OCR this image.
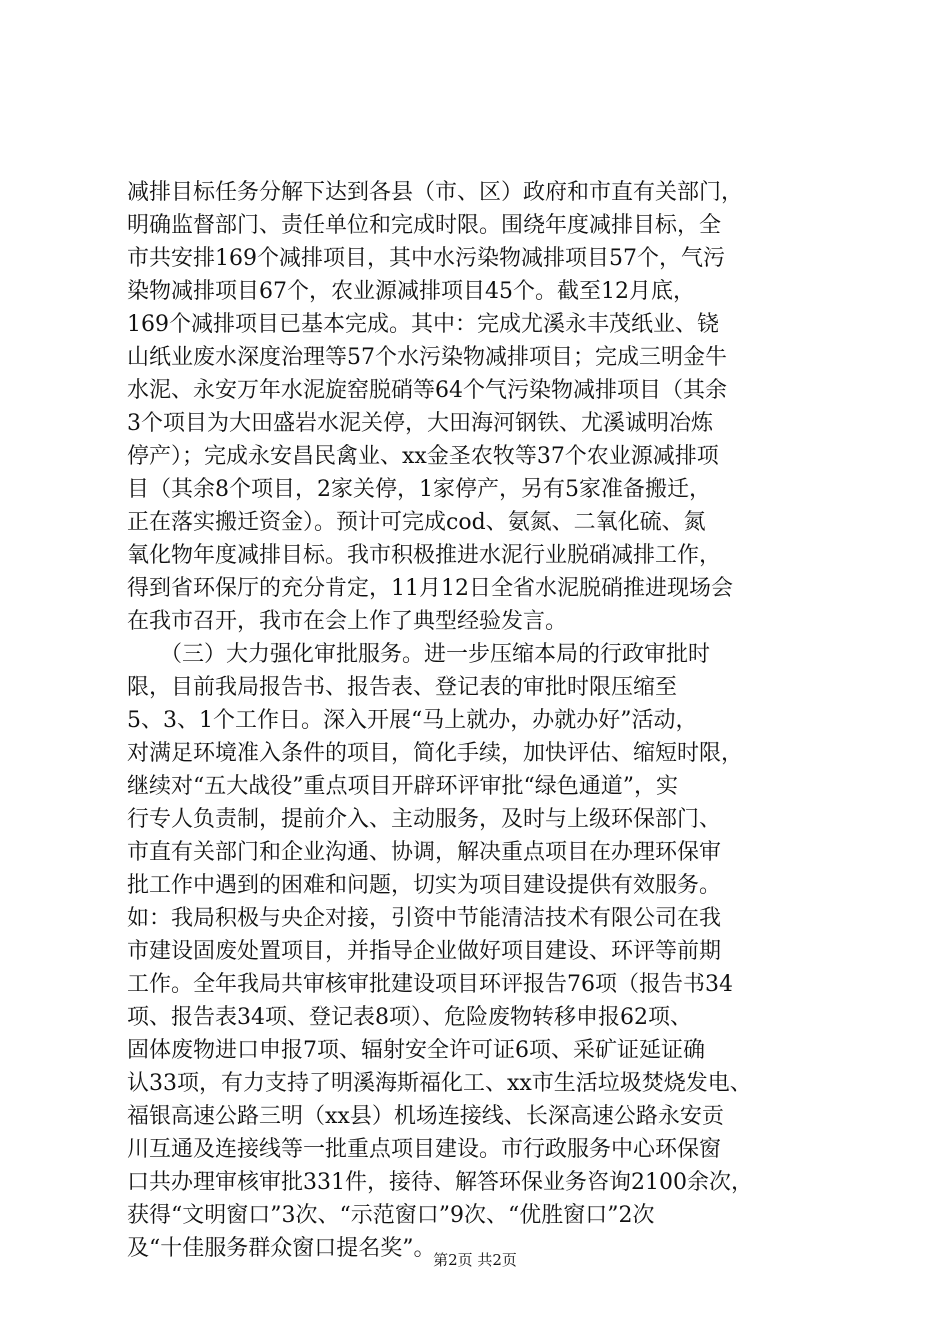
减排目标任务分解下达到各县（市、区）政府和市直有关部门，
明确监督部门、责任单位和完成时限。围绕年度减排目标，全
市共安排169个减排项目，其中水污染物减排项目57个，气污
染物减排项目67个，农业源减排项目45个。截至12月底，
169个减排项目已基本完成。其中：完成尤溪永丰茂纸业、铙
山纸业废水深度治理等57个水污染物减排项目；完成三明金牛
水泥、永安万年水泥旋窑脱硝等64个气污染物减排项目（其余
3个项目为大田盛岩水泥关停，大田海河钢铁、尤溪诚明冶炼
停产）；完成永安昌民禽业、xx金圣农牧等37个农业源减排项
目（其余8个项目，2家关停，1家停产，另有5家准备搬迁，
正在落实搬迁资金）。预计可完成cod、氨氮、二氧化硫、氮
氧化物年度减排目标。我市积极推进水泥行业脱硝减排工作，
得到省环保厅的充分肯定，11月12日全省水泥脱硝推进现场会
在我市召开，我市在会上作了典型经验发言。
　　（三）大力强化审批服务。进一步压缩本局的行政审批时
限，目前我局报告书、报告表、登记表的审批时限压缩至
5、3、1个工作日。深入开展“马上就办，办就办好”活动，
对满足环境准入条件的项目，简化手续，加快评估、缩短时限，
继续对“五大战役”重点项目开辟环评审批“绿色通道”，实
行专人负责制，提前介入、主动服务，及时与上级环保部门、
市直有关部门和企业沟通、协调，解决重点项目在办理环保审
批工作中遇到的困难和问题，切实为项目建设提供有效服务。
如：我局积极与央企对接，引资中节能清洁技术有限公司在我
市建设固废处置项目，并指导企业做好项目建设、环评等前期
工作。全年我局共审核审批建设项目环评报告76项（报告书34
项、报告表34项、登记表8项）、危险废物转移申报62项、
固体废物进口申报7项、辐射安全许可证6项、采矿证延证确
认33项，有力支持了明溪海斯福化工、xx市生活垃圾焚烧发电、
福银高速公路三明（xx县）机场连接线、长深高速公路永安贡
川互通及连接线等一批重点项目建设。市行政服务中心环保窗
口共办理审核审批331件，接待、解答环保业务咨询2100余次，
获得“文明窗口”3次、“示范窗口”9次、“优胜窗口”2次
及“十佳服务群众窗口提名奖”。
第2页 共2页
